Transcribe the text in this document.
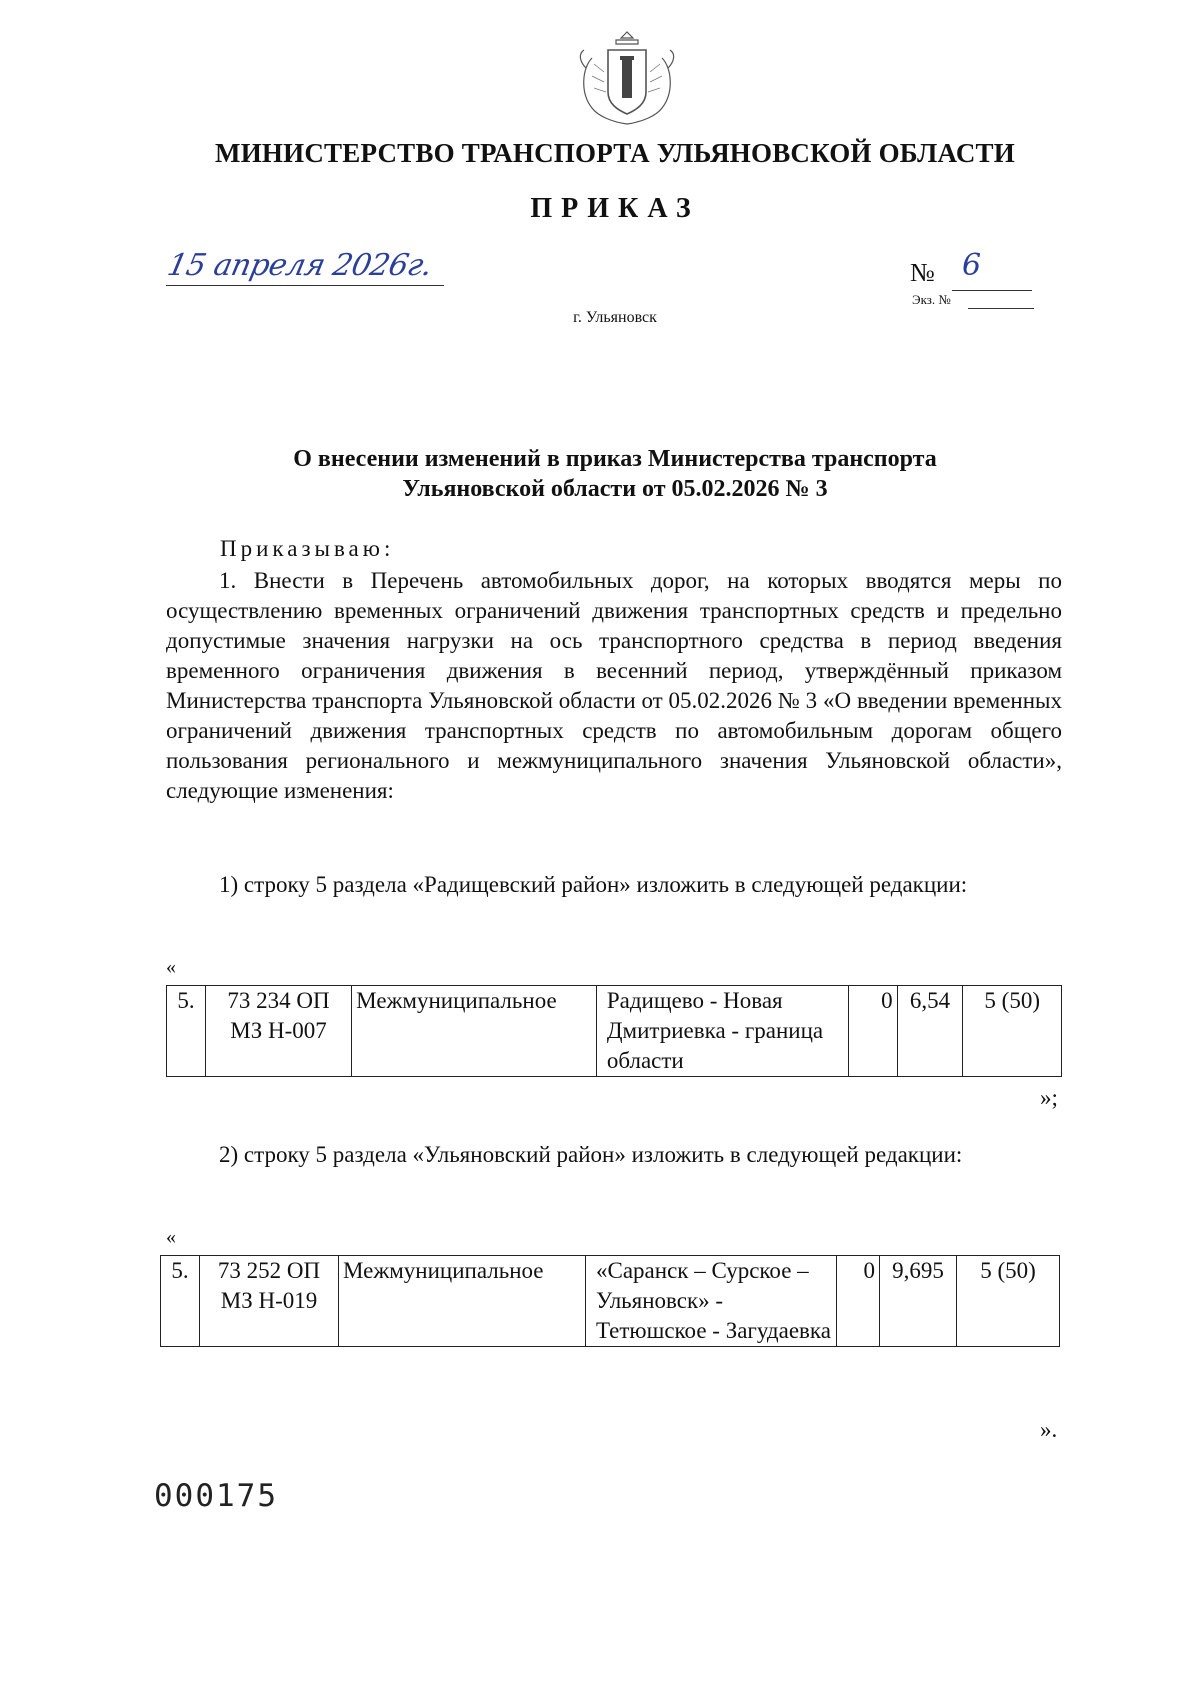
МИНИСТЕРСТВО ТРАНСПОРТА УЛЬЯНОВСКОЙ ОБЛАСТИ
ПРИКАЗ
15 апреля 2026г.	№ 6
Экз. №
г. Ульяновск
О внесении изменений в приказ Министерства транспорта
Ульяновской области от 05.02.2026 № 3
Приказываю:
1. Внести в Перечень автомобильных дорог, на которых вводятся меры по осуществлению временных ограничений движения транспортных средств и предельно допустимые значения нагрузки на ось транспортного средства в период введения временного ограничения движения в весенний период, утверждённый приказом Министерства транспорта Ульяновской области от 05.02.2026 № 3 «О введении временных ограничений движения транспортных средств по автомобильным дорогам общего пользования регионального и межмуниципального значения Ульяновской области», следующие изменения:
1) строку 5 раздела «Радищевский район» изложить в следующей редакции:
«
5.	73 234 ОП МЗ Н-007	Межмуниципальное	Радищево - Новая Дмитриевка - граница области	0	6,54	5 (50)
»;
2) строку 5 раздела «Ульяновский район» изложить в следующей редакции:
«
5.	73 252 ОП МЗ Н-019	Межмуниципальное	«Саранск – Сурское – Ульяновск» - Тетюшское - Загудаевка	0	9,695	5 (50)
».
000175
